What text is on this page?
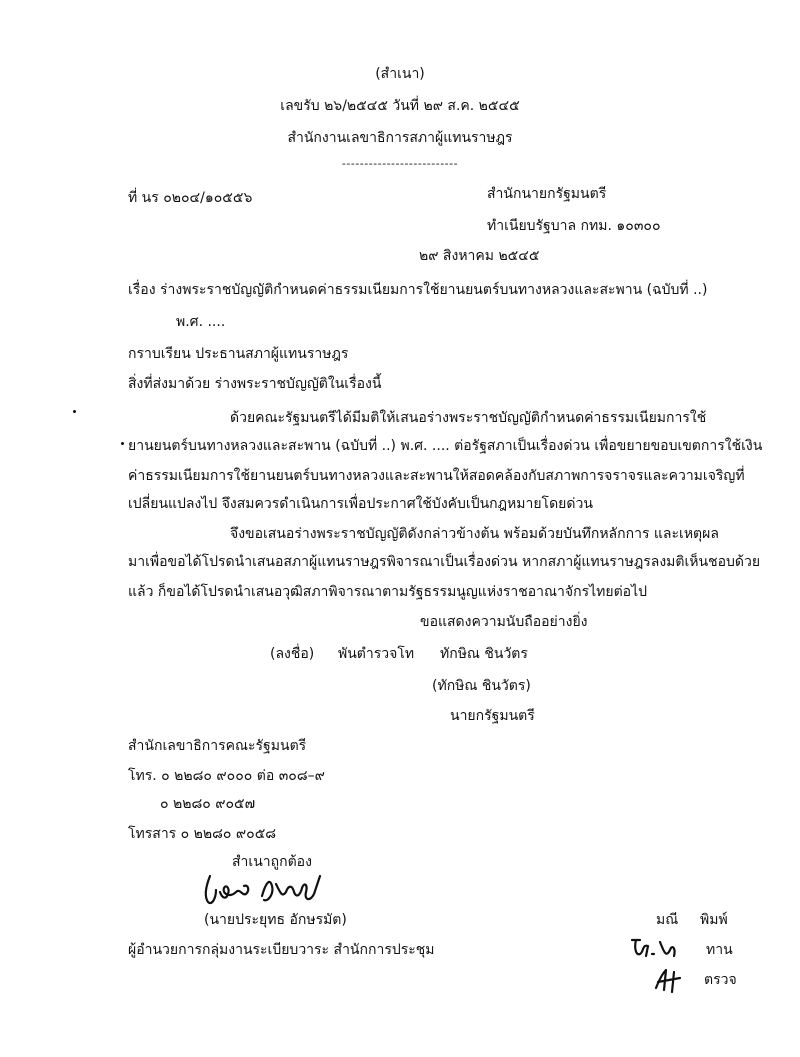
(สำเนา)
เลขรับ ๒๖/๒๕๔๕ วันที่ ๒๙ ส.ค. ๒๕๔๕
สำนักงานเลขาธิการสภาผู้แทนราษฎร
--------------------------
ที่ นร ๐๒๐๔/๑๐๕๕๖	สำนักนายกรัฐมนตรี
ทำเนียบรัฐบาล กทม. ๑๐๓๐๐
๒๙ สิงหาคม ๒๕๔๕
เรื่อง ร่างพระราชบัญญัติกำหนดค่าธรรมเนียมการใช้ยานยนตร์บนทางหลวงและสะพาน (ฉบับที่ ..)
พ.ศ. ....
กราบเรียน ประธานสภาผู้แทนราษฎร
สิ่งที่ส่งมาด้วย ร่างพระราชบัญญัติในเรื่องนี้
ด้วยคณะรัฐมนตรีได้มีมติให้เสนอร่างพระราชบัญญัติกำหนดค่าธรรมเนียมการใช้
ยานยนตร์บนทางหลวงและสะพาน (ฉบับที่ ..) พ.ศ. .... ต่อรัฐสภาเป็นเรื่องด่วน เพื่อขยายขอบเขตการใช้เงิน
ค่าธรรมเนียมการใช้ยานยนตร์บนทางหลวงและสะพานให้สอดคล้องกับสภาพการจราจรและความเจริญที่
เปลี่ยนแปลงไป จึงสมควรดำเนินการเพื่อประกาศใช้บังคับเป็นกฎหมายโดยด่วน
จึงขอเสนอร่างพระราชบัญญัติดังกล่าวข้างต้น พร้อมด้วยบันทึกหลักการ และเหตุผล
มาเพื่อขอได้โปรดนำเสนอสภาผู้แทนราษฎรพิจารณาเป็นเรื่องด่วน หากสภาผู้แทนราษฎรลงมติเห็นชอบด้วย
แล้ว ก็ขอได้โปรดนำเสนอวุฒิสภาพิจารณาตามรัฐธรรมนูญแห่งราชอาณาจักรไทยต่อไป
ขอแสดงความนับถืออย่างยิ่ง
(ลงชื่อ) พันตำรวจโท ทักษิณ ชินวัตร
(ทักษิณ ชินวัตร)
นายกรัฐมนตรี
สำนักเลขาธิการคณะรัฐมนตรี
โทร. ๐ ๒๒๘๐ ๙๐๐๐ ต่อ ๓๐๘–๙
๐ ๒๒๘๐ ๙๐๕๗
โทรสาร ๐ ๒๒๘๐ ๙๐๕๘
สำเนาถูกต้อง
(นายประยุทธ อักษรมัต)
ผู้อำนวยการกลุ่มงานระเบียบวาระ สำนักการประชุม
มณี พิมพ์
ทาน
ตรวจ
